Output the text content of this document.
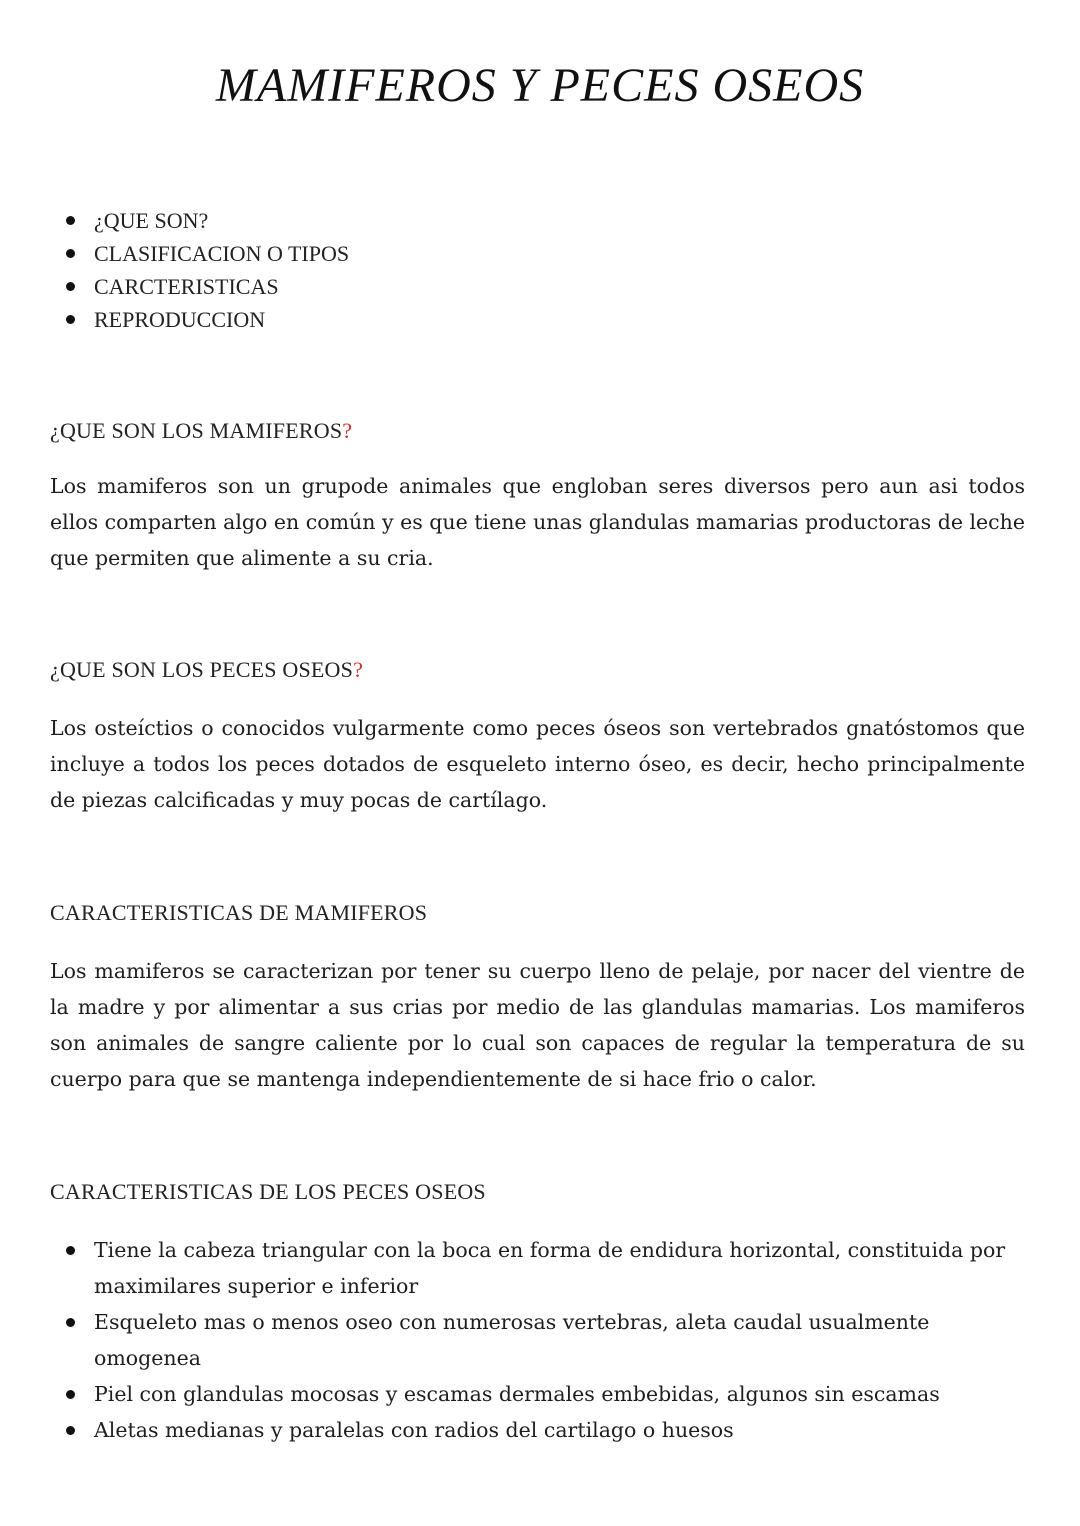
MAMIFEROS Y PECES OSEOS
¿QUE SON?
CLASIFICACION O TIPOS
CARCTERISTICAS
REPRODUCCION
¿QUE SON LOS MAMIFEROS?

Los mamiferos son un grupode animales que engloban seres diversos pero aun asi todos ellos comparten algo en común y es que tiene unas glandulas mamarias productoras de leche que permiten que alimente a su cria.

¿QUE SON LOS PECES OSEOS?

Los osteíctios o conocidos vulgarmente como peces óseos son vertebrados gnatóstomos que incluye a todos los peces dotados de esqueleto interno óseo, es decir, hecho principalmente de piezas calcificadas y muy pocas de cartílago.

CARACTERISTICAS DE MAMIFEROS

Los mamiferos se caracterizan por tener su cuerpo lleno de pelaje, por nacer del vientre de la madre y por alimentar a sus crias por medio de las glandulas mamarias. Los mamiferos son animales de sangre caliente por lo cual son capaces de regular la temperatura de su cuerpo para que se mantenga independientemente de si hace frio o calor.

CARACTERISTICAS DE LOS PECES OSEOS
Tiene la cabeza triangular con la boca en forma de endidura horizontal, constituida por maximilares superior e inferior
Esqueleto mas o menos oseo con numerosas vertebras, aleta caudal usualmente omogenea
Piel con glandulas mocosas y escamas dermales embebidas, algunos sin escamas
Aletas medianas y paralelas con radios del cartilago o huesos
